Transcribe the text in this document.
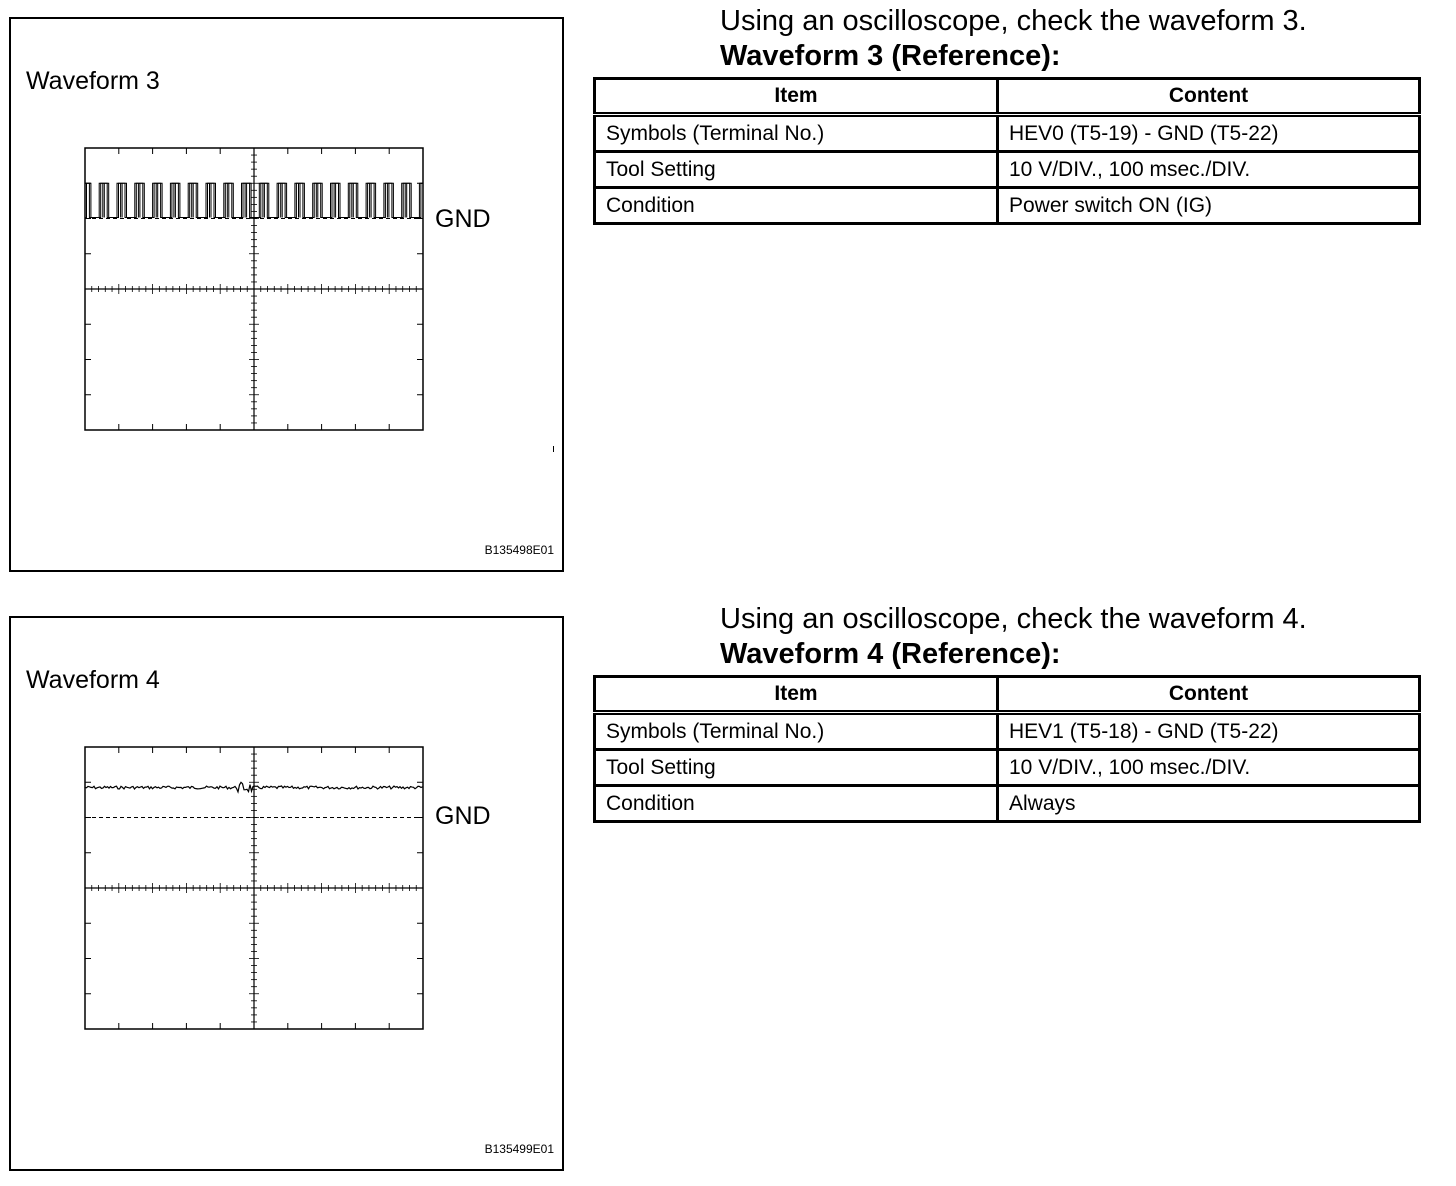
Waveform 3
GND
B135498E01
Waveform 4
GND
B135499E01
Using an oscilloscope, check the waveform 3.
Waveform 3 (Reference):
Item	Content
Symbols (Terminal No.)	HEV0 (T5-19) - GND (T5-22)
Tool Setting	10 V/DIV., 100 msec./DIV.
Condition	Power switch ON (IG)
Using an oscilloscope, check the waveform 4.
Waveform 4 (Reference):
Item	Content
Symbols (Terminal No.)	HEV1 (T5-18) - GND (T5-22)
Tool Setting	10 V/DIV., 100 msec./DIV.
Condition	Always
